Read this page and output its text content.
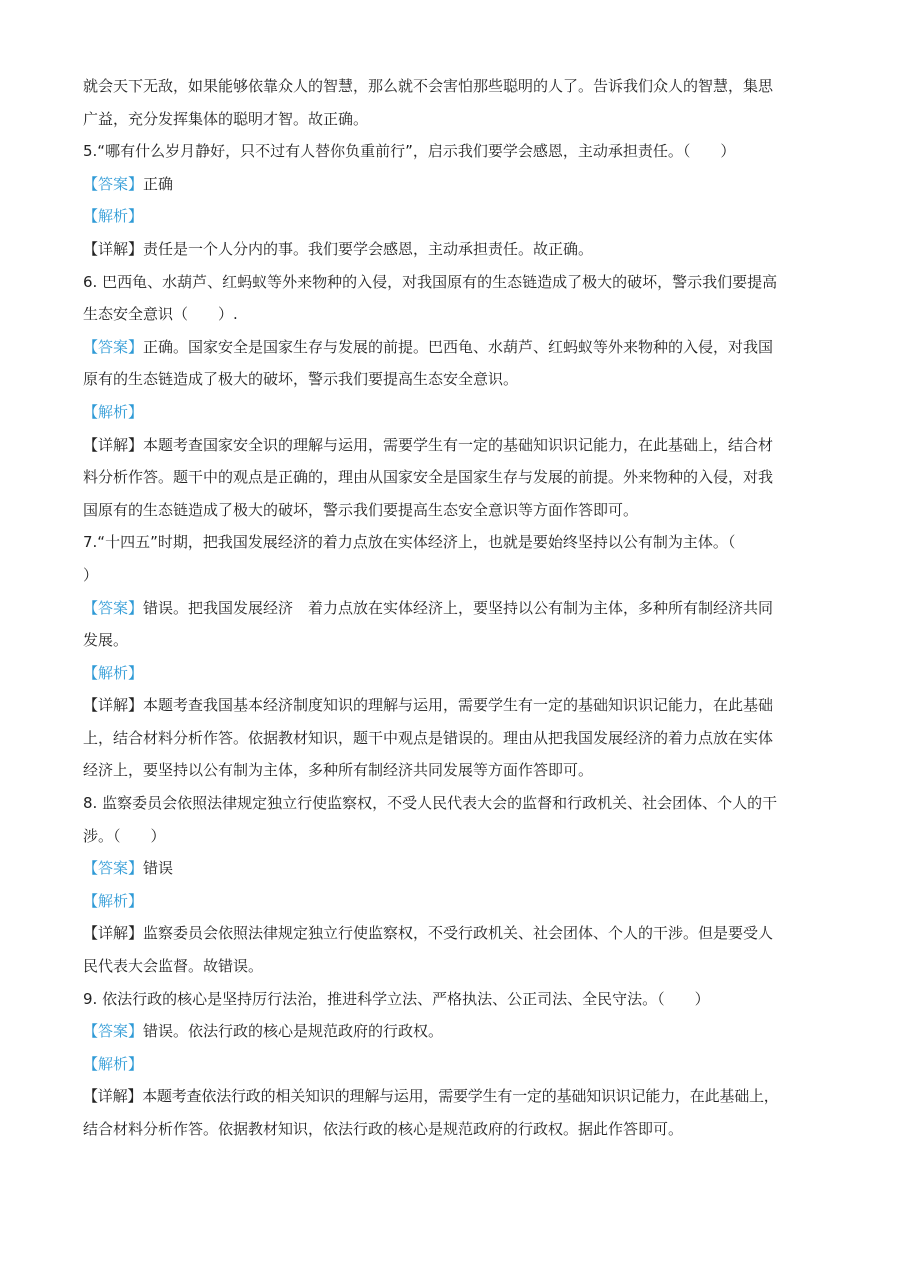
就会天下无敌，如果能够依靠众人的智慧，那么就不会害怕那些聪明的人了。告诉我们众人的智慧，集思
广益，充分发挥集体的聪明才智。故正确。
5.“哪有什么岁月静好，只不过有人替你负重前行”，启示我们要学会感恩，主动承担责任。（　　）
【答案】正确
【解析】
【详解】责任是一个人分内的事。我们要学会感恩，主动承担责任。故正确。
6. 巴西龟、水葫芦、红蚂蚁等外来物种的入侵，对我国原有的生态链造成了极大的破坏，警示我们要提高
生态安全意识（　　）.
【答案】正确。国家安全是国家生存与发展的前提。巴西龟、水葫芦、红蚂蚁等外来物种的入侵，对我国
原有的生态链造成了极大的破坏，警示我们要提高生态安全意识。
【解析】
【详解】本题考查国家安全识的理解与运用，需要学生有一定的基础知识识记能力，在此基础上，结合材
料分析作答。题干中的观点是正确的，理由从国家安全是国家生存与发展的前提。外来物种的入侵，对我
国原有的生态链造成了极大的破坏，警示我们要提高生态安全意识等方面作答即可。
7.“十四五”时期，把我国发展经济的着力点放在实体经济上，也就是要始终坚持以公有制为主体。（
）
【答案】错误。把我国发展经济　着力点放在实体经济上，要坚持以公有制为主体，多种所有制经济共同
发展。
【解析】
【详解】本题考查我国基本经济制度知识的理解与运用，需要学生有一定的基础知识识记能力，在此基础
上，结合材料分析作答。依据教材知识，题干中观点是错误的。理由从把我国发展经济的着力点放在实体
经济上，要坚持以公有制为主体，多种所有制经济共同发展等方面作答即可。
8. 监察委员会依照法律规定独立行使监察权，不受人民代表大会的监督和行政机关、社会团体、个人的干
涉。（　　）
【答案】错误
【解析】
【详解】监察委员会依照法律规定独立行使监察权，不受行政机关、社会团体、个人的干涉。但是要受人
民代表大会监督。故错误。
9. 依法行政的核心是坚持厉行法治，推进科学立法、严格执法、公正司法、全民守法。（　　）
【答案】错误。依法行政的核心是规范政府的行政权。
【解析】
【详解】本题考查依法行政的相关知识的理解与运用，需要学生有一定的基础知识识记能力，在此基础上，
结合材料分析作答。依据教材知识，依法行政的核心是规范政府的行政权。据此作答即可。
